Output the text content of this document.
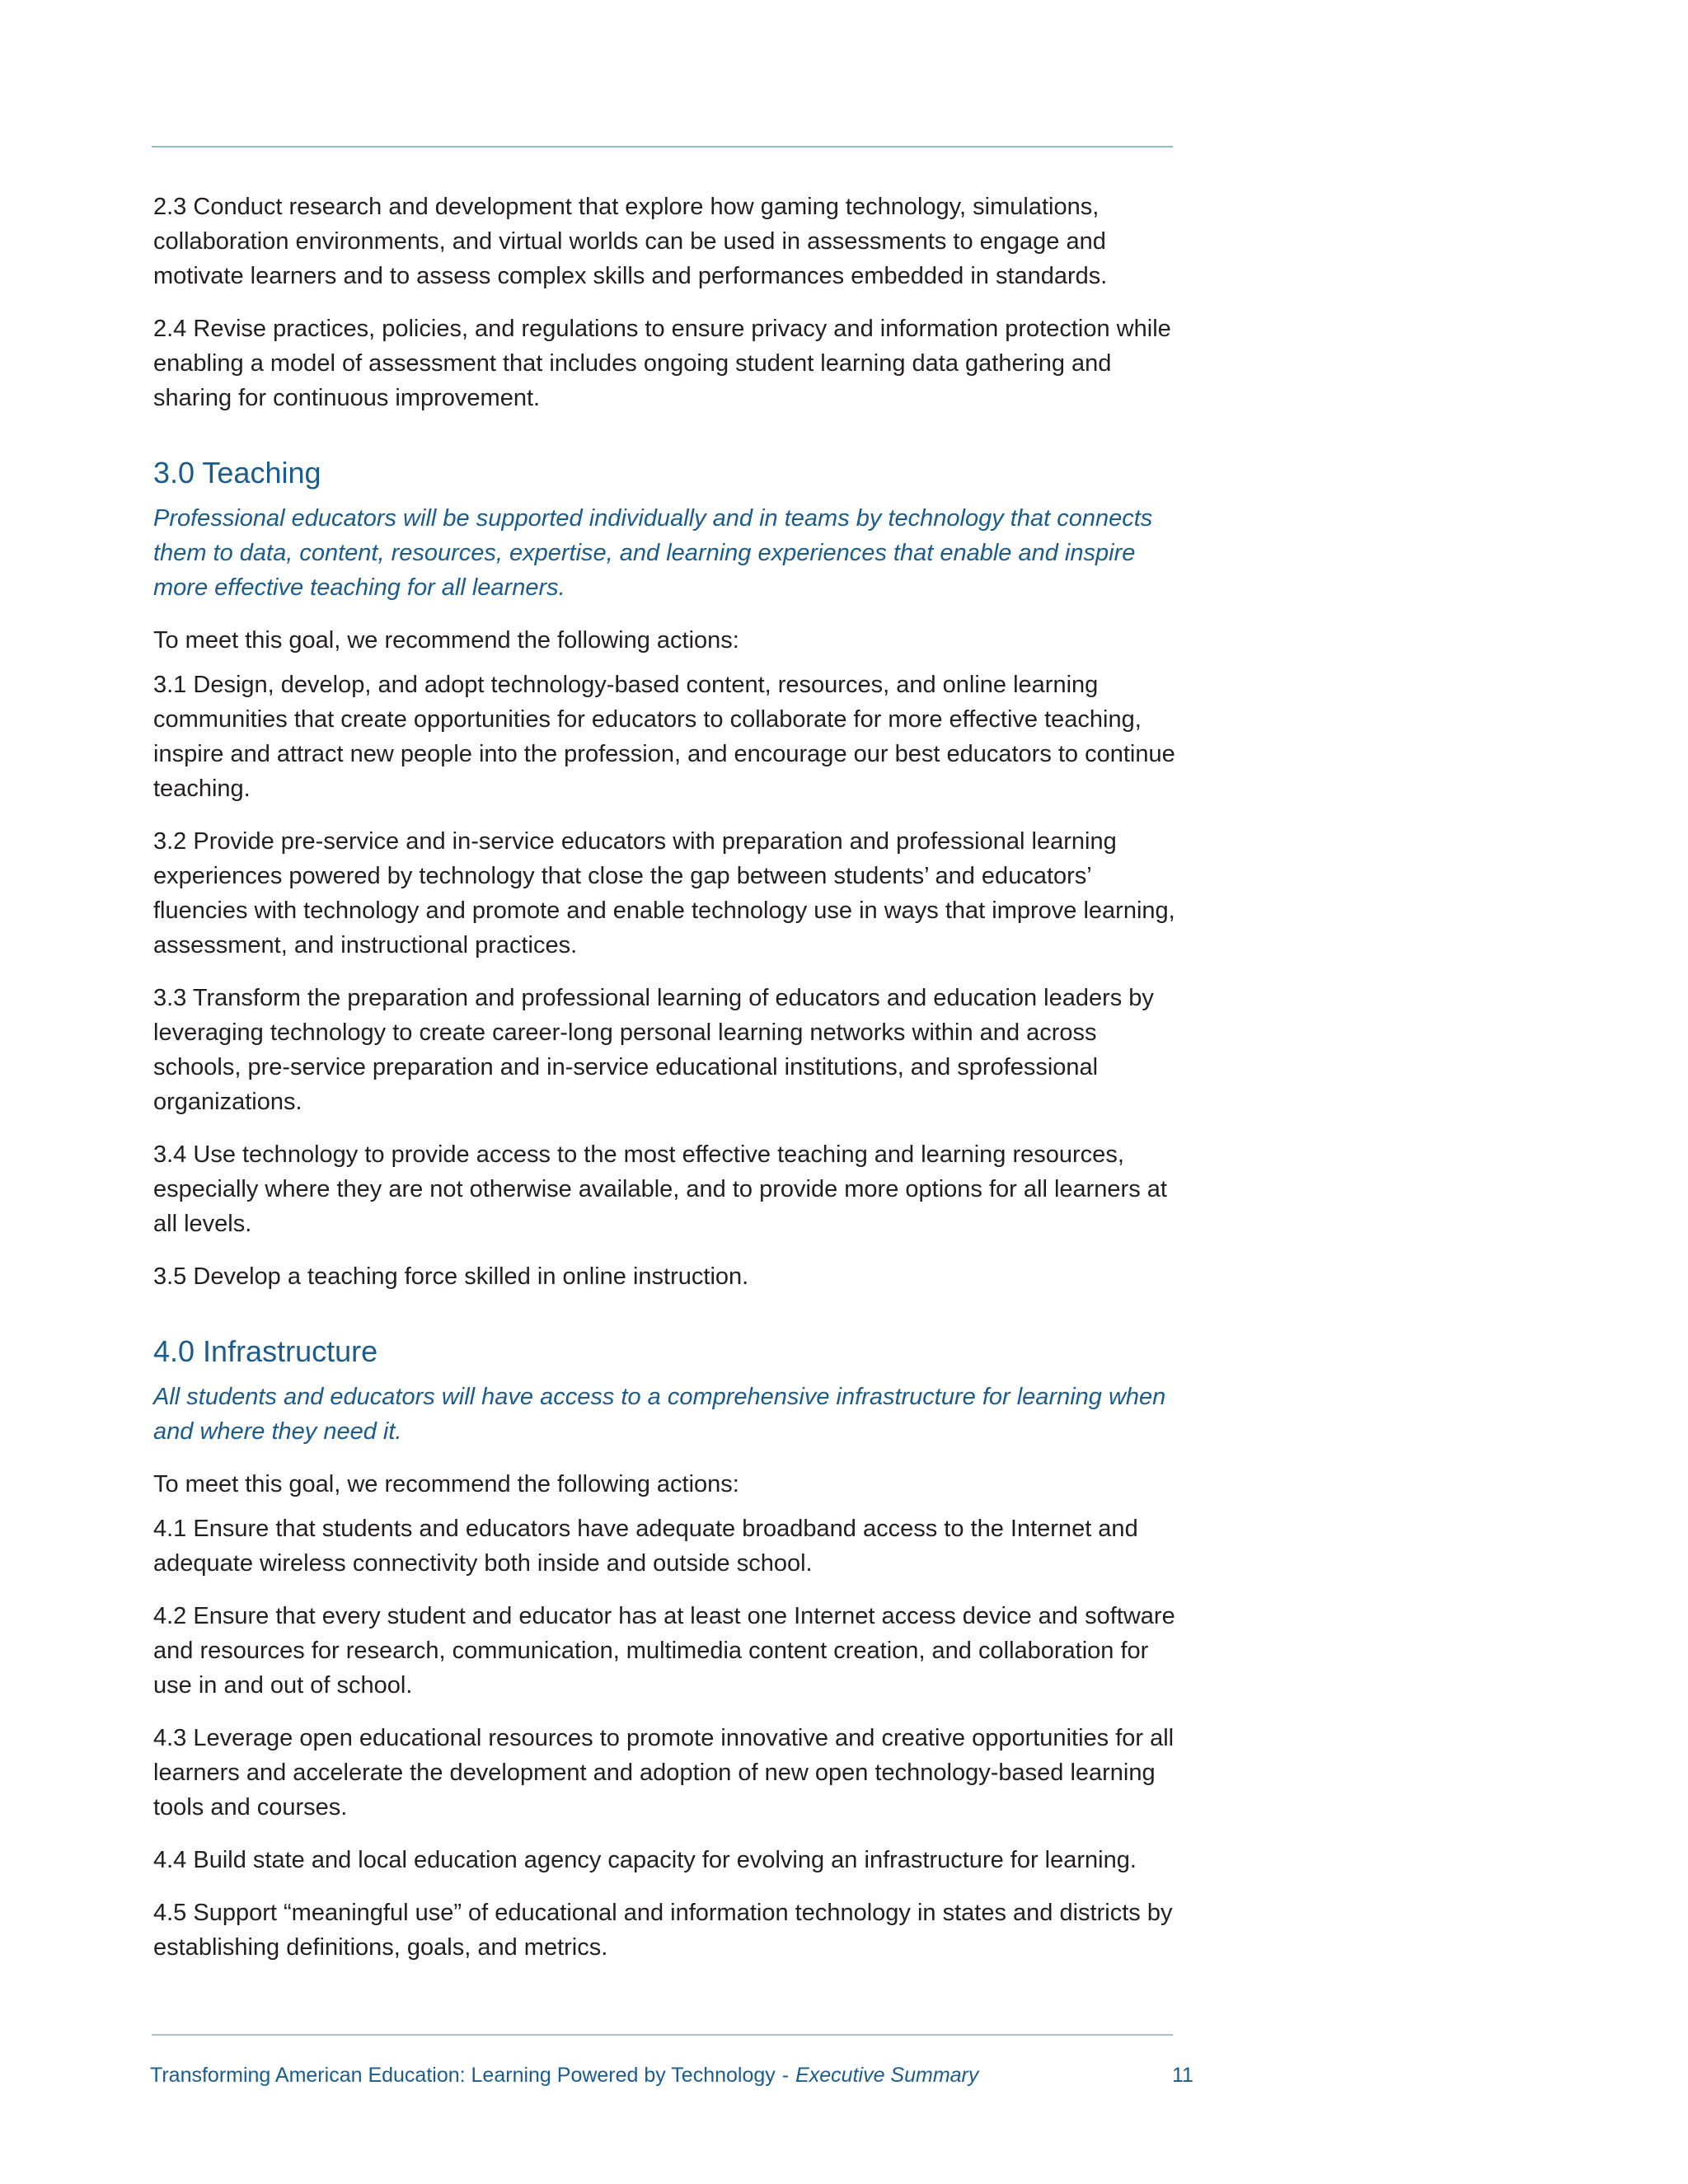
2.3 Conduct research and development that explore how gaming technology, simulations, collaboration environments, and virtual worlds can be used in assessments to engage and motivate learners and to assess complex skills and performances embedded in standards.

2.4 Revise practices, policies, and regulations to ensure privacy and information protection while enabling a model of assessment that includes ongoing student learning data gathering and sharing for continuous improvement.

3.0 Teaching

Professional educators will be supported individually and in teams by technology that connects them to data, content, resources, expertise, and learning experiences that enable and inspire more effective teaching for all learners.

To meet this goal, we recommend the following actions:

3.1 Design, develop, and adopt technology-based content, resources, and online learning communities that create opportunities for educators to collaborate for more effective teaching, inspire and attract new people into the profession, and encourage our best educators to continue teaching.

3.2 Provide pre-service and in-service educators with preparation and professional learning experiences powered by technology that close the gap between students’ and educators’ fluencies with technology and promote and enable technology use in ways that improve learning, assessment, and instructional practices.

3.3 Transform the preparation and professional learning of educators and education leaders by leveraging technology to create career-long personal learning networks within and across schools, pre-service preparation and in-service educational institutions, and sprofessional organizations.

3.4 Use technology to provide access to the most effective teaching and learning resources, especially where they are not otherwise available, and to provide more options for all learners at all levels.

3.5 Develop a teaching force skilled in online instruction.

4.0 Infrastructure

All students and educators will have access to a comprehensive infrastructure for learning when and where they need it.

To meet this goal, we recommend the following actions:

4.1 Ensure that students and educators have adequate broadband access to the Internet and adequate wireless connectivity both inside and outside school.

4.2 Ensure that every student and educator has at least one Internet access device and software and resources for research, communication, multimedia content creation, and collaboration for use in and out of school.

4.3 Leverage open educational resources to promote innovative and creative opportunities for all learners and accelerate the development and adoption of new open technology-based learning tools and courses.

4.4 Build state and local education agency capacity for evolving an infrastructure for learning.

4.5 Support “meaningful use” of educational and information technology in states and districts by establishing definitions, goals, and metrics.

Transforming American Education: Learning Powered by Technology - Executive Summary	11
